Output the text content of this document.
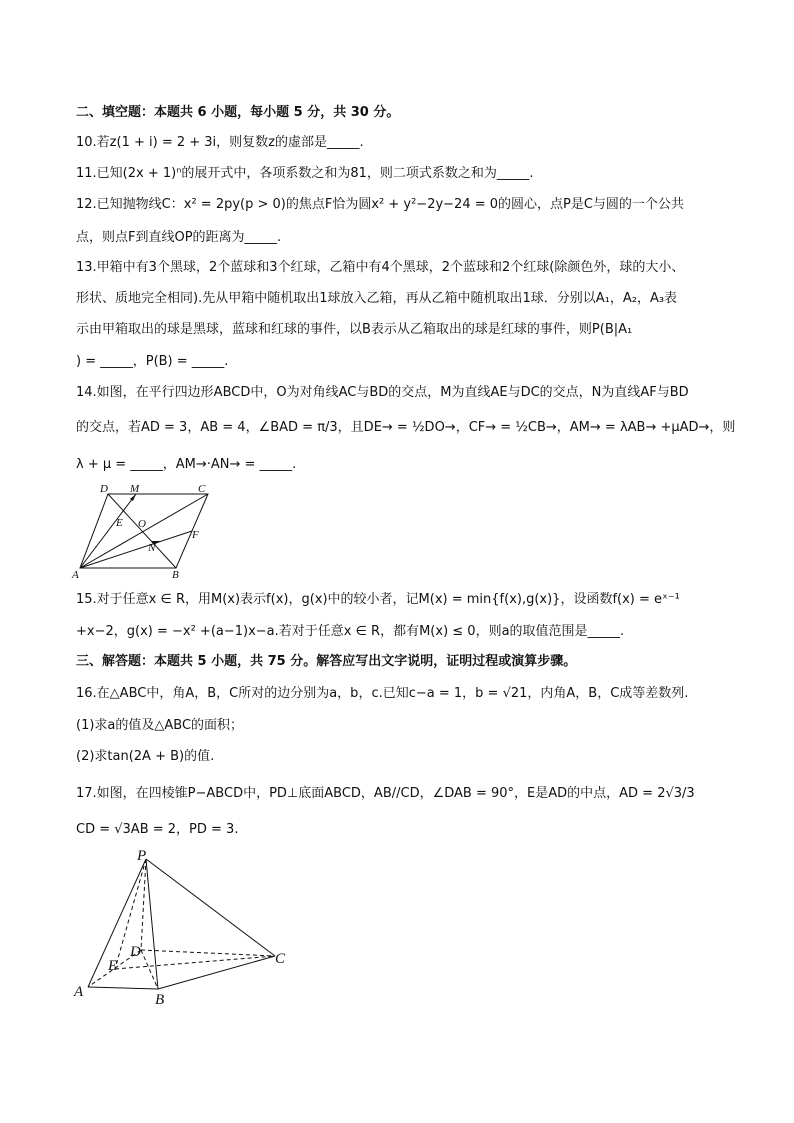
二、填空题：本题共 6 小题，每小题 5 分，共 30 分。
10.若z(1 + i) = 2 + 3i，则复数z的虚部是_____.
11.已知(2x + 1)ⁿ的展开式中，各项系数之和为81，则二项式系数之和为_____.
12.已知抛物线C：x² = 2py(p > 0)的焦点F恰为圆x² + y²−2y−24 = 0的圆心，点P是C与圆的一个公共
点，则点F到直线OP的距离为_____.
13.甲箱中有3个黑球，2个蓝球和3个红球，乙箱中有4个黑球，2个蓝球和2个红球(除颜色外，球的大小、
形状、质地完全相同).先从甲箱中随机取出1球放入乙箱，再从乙箱中随机取出1球．分别以A₁，A₂，A₃表
示由甲箱取出的球是黑球，蓝球和红球的事件，以B表示从乙箱取出的球是红球的事件，则P(B|A₁
) = _____，P(B) = _____.
14.如图，在平行四边形ABCD中，O为对角线AC与BD的交点，M为直线AE与DC的交点，N为直线AF与BD
的交点，若AD = 3，AB = 4，∠BAD = π/3，且DE→ = ½DO→，CF→ = ½CB→，AM→ = λAB→ +μAD→，则
λ + μ = _____，AM→·AN→ = _____.
A	B
C
D M
E O
N
F
15.对于任意x ∈ R，用M(x)表示f(x)，g(x)中的较小者，记M(x) = min{f(x),g(x)}，设函数f(x) = eˣ⁻¹
+x−2，g(x) = −x² +(a−1)x−a.若对于任意x ∈ R，都有M(x) ≤ 0，则a的取值范围是_____.
三、解答题：本题共 5 小题，共 75 分。解答应写出文字说明，证明过程或演算步骤。
16.在△ABC中，角A，B，C所对的边分别为a，b，c.已知c−a = 1，b = √21，内角A，B，C成等差数列.
(1)求a的值及△ABC的面积；
(2)求tan(2A + B)的值.
17.如图，在四棱锥P−ABCD中，PD⊥底面ABCD，AB//CD，∠DAB = 90°，E是AD的中点，AD = 2√3/3
CD = √3AB = 2，PD = 3.
P
A	B
C
D
E
